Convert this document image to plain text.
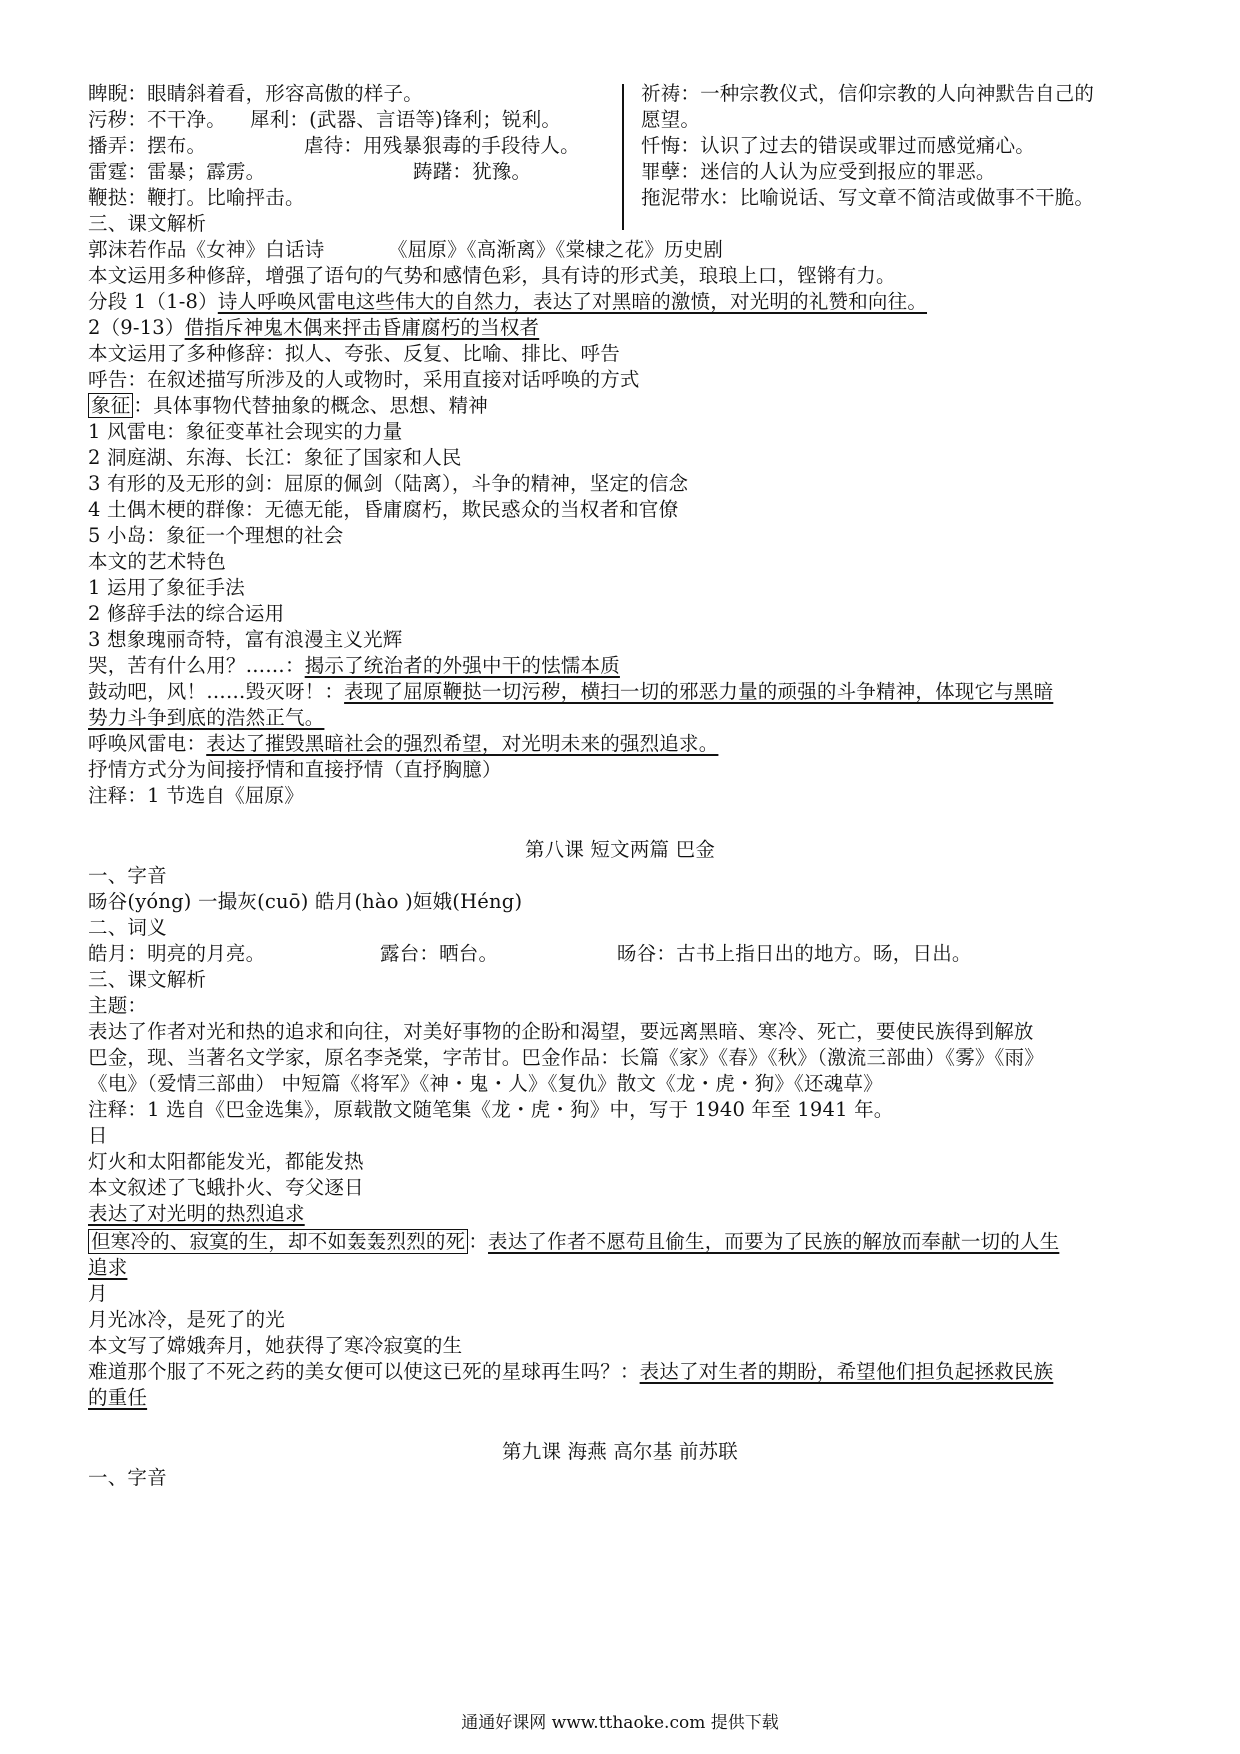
睥睨：眼睛斜着看，形容高傲的样子。
污秽：不干净。 犀利：(武器、言语等)锋利；锐利。
播弄：摆布。	虐待：用残暴狠毒的手段待人。
雷霆：雷暴；霹雳。	踌躇：犹豫。
鞭挞：鞭打。比喻抨击。
祈祷：一种宗教仪式，信仰宗教的人向神默告自己的
愿望。
忏悔：认识了过去的错误或罪过而感觉痛心。
罪孽：迷信的人认为应受到报应的罪恶。
拖泥带水：比喻说话、写文章不简洁或做事不干脆。
三、课文解析
郭沫若作品《女神》白话诗	《屈原》《高渐离》《棠棣之花》历史剧
本文运用多种修辞，增强了语句的气势和感情色彩，具有诗的形式美，琅琅上口，铿锵有力。
分段 1（1-8）诗人呼唤风雷电这些伟大的自然力，表达了对黑暗的激愤，对光明的礼赞和向往。
2（9-13）借指斥神鬼木偶来抨击昏庸腐朽的当权者
本文运用了多种修辞：拟人、夸张、反复、比喻、排比、呼告
呼告：在叙述描写所涉及的人或物时，采用直接对话呼唤的方式
象征 ：具体事物代替抽象的概念、思想、精神
1 风雷电：象征变革社会现实的力量
2 洞庭湖、东海、长江：象征了国家和人民
3 有形的及无形的剑：屈原的佩剑（陆离），斗争的精神，坚定的信念
4 土偶木梗的群像：无德无能，昏庸腐朽，欺民惑众的当权者和官僚
5 小岛：象征一个理想的社会
本文的艺术特色
1 运用了象征手法
2 修辞手法的综合运用
3 想象瑰丽奇特，富有浪漫主义光辉
哭，苦有什么用？……：揭示了统治者的外强中干的怯懦本质
鼓动吧，风！……毁灭呀！：表现了屈原鞭挞一切污秽，横扫一切的邪恶力量的顽强的斗争精神，体现它与黑暗
势力斗争到底的浩然正气。
呼唤风雷电：表达了摧毁黑暗社会的强烈希望，对光明未来的强烈追求。
抒情方式分为间接抒情和直接抒情（直抒胸臆）
注释：1 节选自《屈原》
第八课 短文两篇 巴金
一、字音
旸谷(yóng) 一撮灰(cuō) 皓月(hào )姮娥(Héng)
二、词义
皓月：明亮的月亮。	露台：晒台。	旸谷：古书上指日出的地方。旸，日出。
三、课文解析
主题：
表达了作者对光和热的追求和向往，对美好事物的企盼和渴望，要远离黑暗、寒冷、死亡，要使民族得到解放
巴金，现、当著名文学家，原名李尧棠，字芾甘。巴金作品：长篇《家》《春》《秋》（激流三部曲）《雾》《雨》
《电》（爱情三部曲） 中短篇《将军》《神・鬼・人》《复仇》散文《龙・虎・狗》《还魂草》
注释：1 选自《巴金选集》，原载散文随笔集《龙・虎・狗》中，写于 1940 年至 1941 年。
日
灯火和太阳都能发光，都能发热
本文叙述了飞蛾扑火、夸父逐日
表达了对光明的热烈追求
但寒冷的、寂寞的生，却不如轰轰烈烈的死 ：表达了作者不愿苟且偷生，而要为了民族的解放而奉献一切的人生
追求
月
月光冰冷，是死了的光
本文写了嫦娥奔月，她获得了寒冷寂寞的生
难道那个服了不死之药的美女便可以使这已死的星球再生吗？：表达了对生者的期盼，希望他们担负起拯救民族
的重任
第九课 海燕 高尔基 前苏联
一、字音
通通好课网 www.tthaoke.com 提供下载
